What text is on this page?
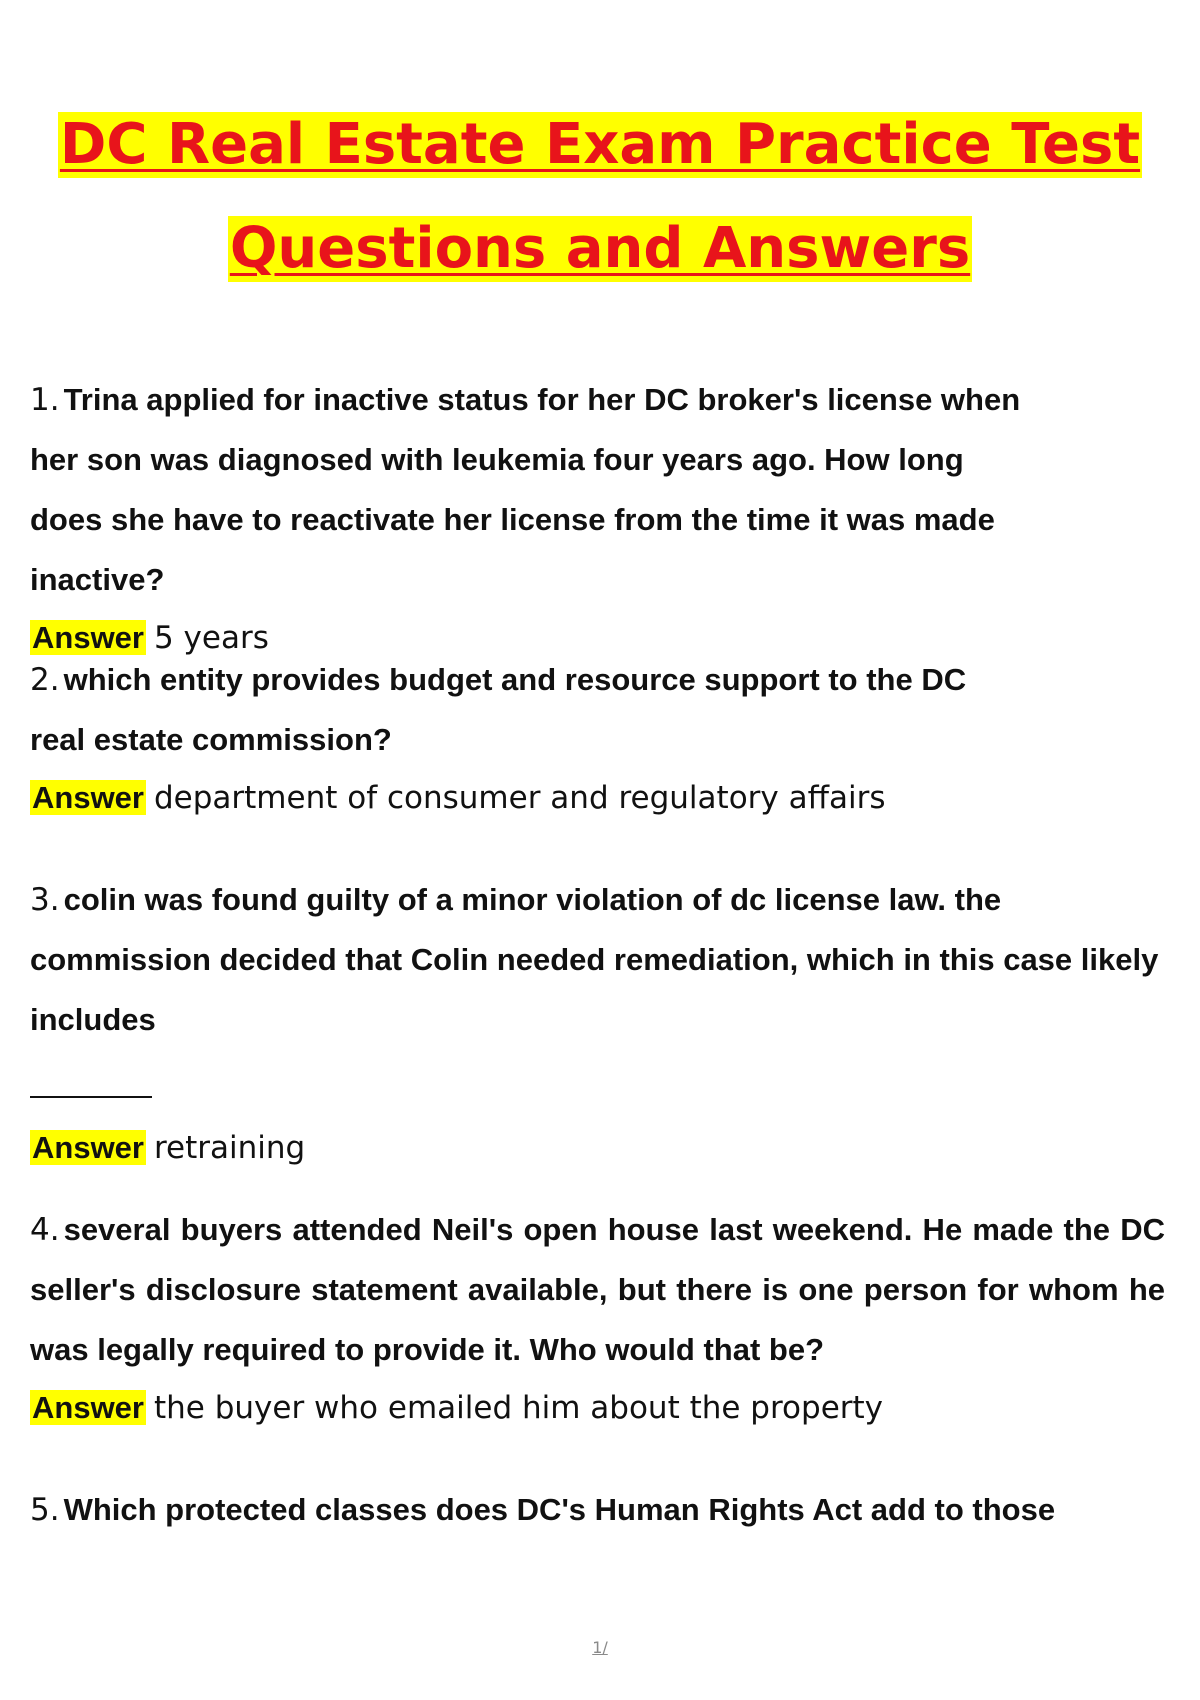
DC Real Estate Exam Practice Test
Questions and Answers

1. Trina applied for inactive status for her DC broker's license when her son was diagnosed with leukemia four years ago. How long does she have to reactivate her license from the time it was made inactive?

Answer 5 years

2. which entity provides budget and resource support to the DC real estate commission?

Answer department of consumer and regulatory affairs

3. colin was found guilty of a minor violation of dc license law. the commission decided that Colin needed remediation, which in this case likely includes

Answer retraining

4. several buyers attended Neil's open house last weekend. He made the DC seller's disclosure statement available, but there is one person for whom he was legally required to provide it. Who would that be?

Answer the buyer who emailed him about the property

5. Which protected classes does DC's Human Rights Act add to those

1/
